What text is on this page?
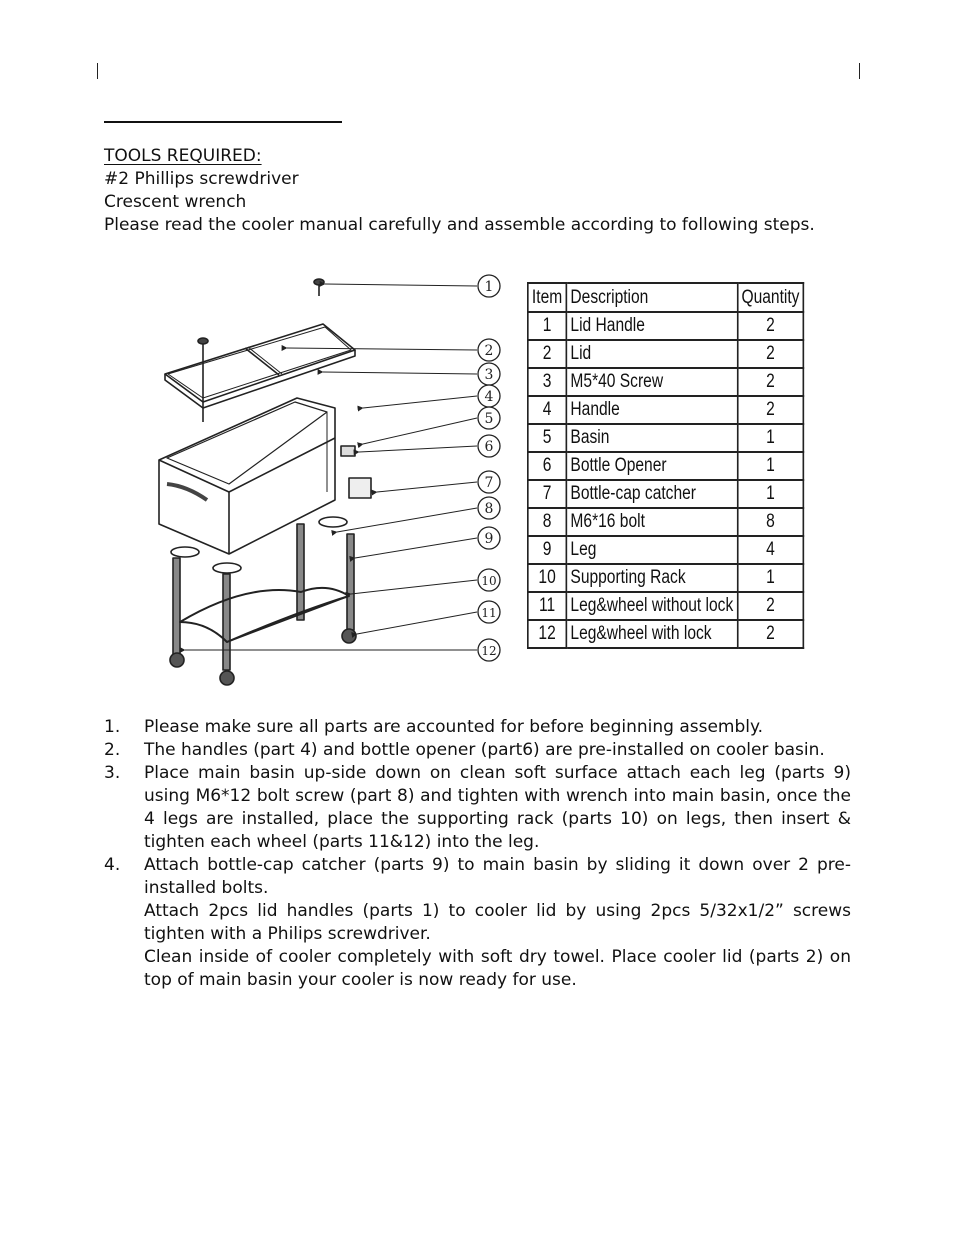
TOOLS REQUIRED:
#2 Phillips screwdriver
Crescent wrench
Please read the cooler manual carefully and assemble according to following steps.
1
2
3
4
5
6
7
8
9
10
11
12
Item	Description	Quantity
1	Lid Handle	2
2	Lid	2
3	M5*40 Screw	2
4	Handle	2
5	Basin	1
6	Bottle Opener	1
7	Bottle-cap catcher	1
8	M6*16 bolt	8
9	Leg	4
10	Supporting Rack	1
11	Leg&wheel without lock	2
12	Leg&wheel with lock	2
1. Please make sure all parts are accounted for before beginning assembly.
2. The handles (part 4) and bottle opener (part6) are pre-installed on cooler basin.
3. Place main basin up-side down on clean soft surface attach each leg (parts 9) using M6*12 bolt screw (part 8) and tighten with wrench into main basin, once the 4 legs are installed, place the supporting rack (parts 10) on legs, then insert & tighten each wheel (parts 11&12) into the leg.
4. Attach bottle-cap catcher (parts 9) to main basin by sliding it down over 2 pre-installed bolts.
Attach 2pcs lid handles (parts 1) to cooler lid by using 2pcs 5/32x1/2” screws tighten with a Philips screwdriver.
Clean inside of cooler completely with soft dry towel. Place cooler lid (parts 2) on top of main basin your cooler is now ready for use.
